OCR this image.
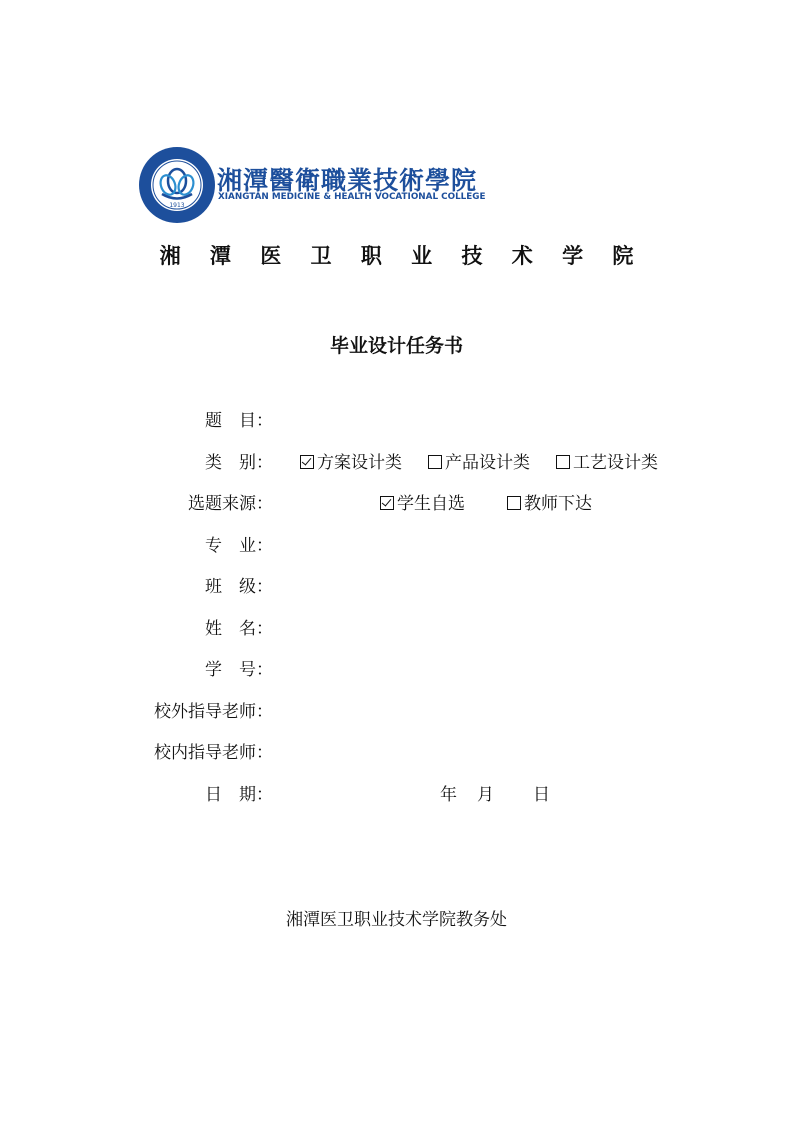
1913
湘潭醫衛職業技術學院
XIANGTAN MEDICINE & HEALTH VOCATIONAL COLLEGE
湘 潭 医 卫 职 业 技 术 学 院
毕业设计任务书
题　目：
类　别：	方案设计类	产品设计类	工艺设计类
选题来源：	学生自选	教师下达
专　业：
班　级：
姓　名：
学　号：
校外指导老师：
校内指导老师：
日　期：	年 月 日
湘潭医卫职业技术学院教务处
